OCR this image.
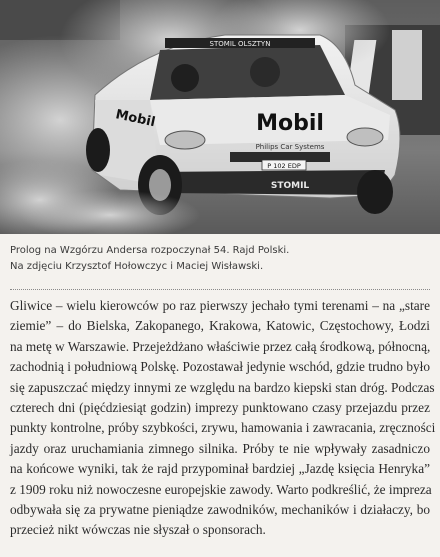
STOMIL OLSZTYN
Mobil
Philips Car Systems
Mobil
P 102 EDP
STOMIL
Prolog na Wzgórzu Andersa rozpoczynał 54. Rajd Polski.
Na zdjęciu Krzysztof Hołowczyc i Maciej Wisławski.
Gliwice – wielu kierowców po raz pierwszy jechało tymi terenami – na „stare
ziemie” – do Bielska, Zakopanego, Krakowa, Katowic, Częstochowy, Łodzi
na metę w Warszawie. Przejeżdżano właściwie przez całą środkową, północną,
zachodnią i południową Polskę. Pozostawał jedynie wschód, gdzie trudno było
się zapuszczać między innymi ze względu na bardzo kiepski stan dróg. Podczas
czterech dni (pięćdziesiąt godzin) imprezy punktowano czasy przejazdu przez
punkty kontrolne, próby szybkości, zrywu, hamowania i zawracania, zręczności
jazdy oraz uruchamiania zimnego silnika. Próby te nie wpływały zasadniczo
na końcowe wyniki, tak że rajd przypominał bardziej „Jazdę księcia Henryka”
z 1909 roku niż nowoczesne europejskie zawody. Warto podkreślić, że impreza
odbywała się za prywatne pieniądze zawodników, mechaników i działaczy, bo
przecież nikt wówczas nie słyszał o sponsorach.
